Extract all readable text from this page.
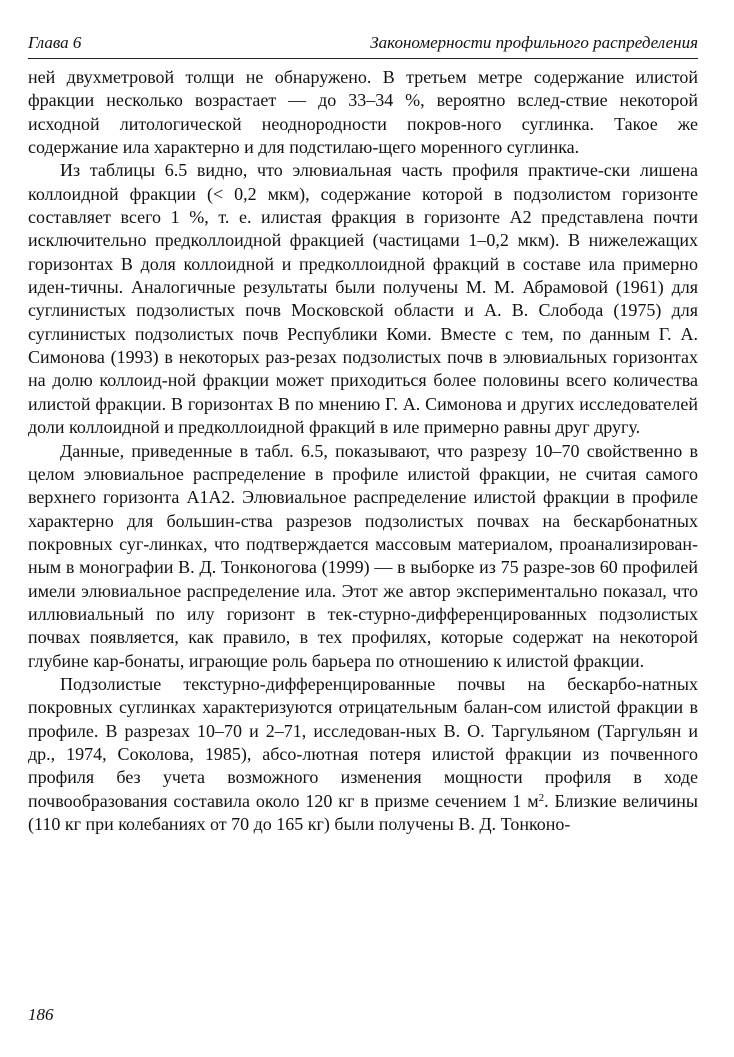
Глава 6	Закономерности профильного распределения

ней двухметровой толщи не обнаружено. В третьем метре содержание илистой фракции несколько возрастает — до 33–34 %, вероятно вслед-ствие некоторой исходной литологической неоднородности покров-ного суглинка. Такое же содержание ила характерно и для подстилаю-щего моренного суглинка.

Из таблицы 6.5 видно, что элювиальная часть профиля практиче-ски лишена коллоидной фракции (< 0,2 мкм), содержание которой в подзолистом горизонте составляет всего 1 %, т. е. илистая фракция в горизонте А2 представлена почти исключительно предколлоидной фракцией (частицами 1–0,2 мкм). В нижележащих горизонтах В доля коллоидной и предколлоидной фракций в составе ила примерно иден-тичны. Аналогичные результаты были получены М. М. Абрамовой (1961) для суглинистых подзолистых почв Московской области и А. В. Слобода (1975) для суглинистых подзолистых почв Республики Коми. Вместе с тем, по данным Г. А. Симонова (1993) в некоторых раз-резах подзолистых почв в элювиальных горизонтах на долю коллоид-ной фракции может приходиться более половины всего количества илистой фракции. В горизонтах В по мнению Г. А. Симонова и других исследователей доли коллоидной и предколлоидной фракций в иле примерно равны друг другу.

Данные, приведенные в табл. 6.5, показывают, что разрезу 10–70 свойственно в целом элювиальное распределение в профиле илистой фракции, не считая самого верхнего горизонта А1А2. Элювиальное распределение илистой фракции в профиле характерно для большин-ства разрезов подзолистых почвах на бескарбонатных покровных суг-линках, что подтверждается массовым материалом, проанализирован-ным в монографии В. Д. Тонконогова (1999) — в выборке из 75 разре-зов 60 профилей имели элювиальное распределение ила. Этот же автор экспериментально показал, что иллювиальный по илу горизонт в тек-стурно-дифференцированных подзолистых почвах появляется, как правило, в тех профилях, которые содержат на некоторой глубине кар-бонаты, играющие роль барьера по отношению к илистой фракции.

Подзолистые текстурно-дифференцированные почвы на бескарбо-натных покровных суглинках характеризуются отрицательным балан-сом илистой фракции в профиле. В разрезах 10–70 и 2–71, исследован-ных В. О. Таргульяном (Таргульян и др., 1974, Соколова, 1985), абсо-лютная потеря илистой фракции из почвенного профиля без учета возможного изменения мощности профиля в ходе почвообразования составила около 120 кг в призме сечением 1 $м^2$. Близкие величины (110 кг при колебаниях от 70 до 165 кг) были получены В. Д. Тонконо-

186
